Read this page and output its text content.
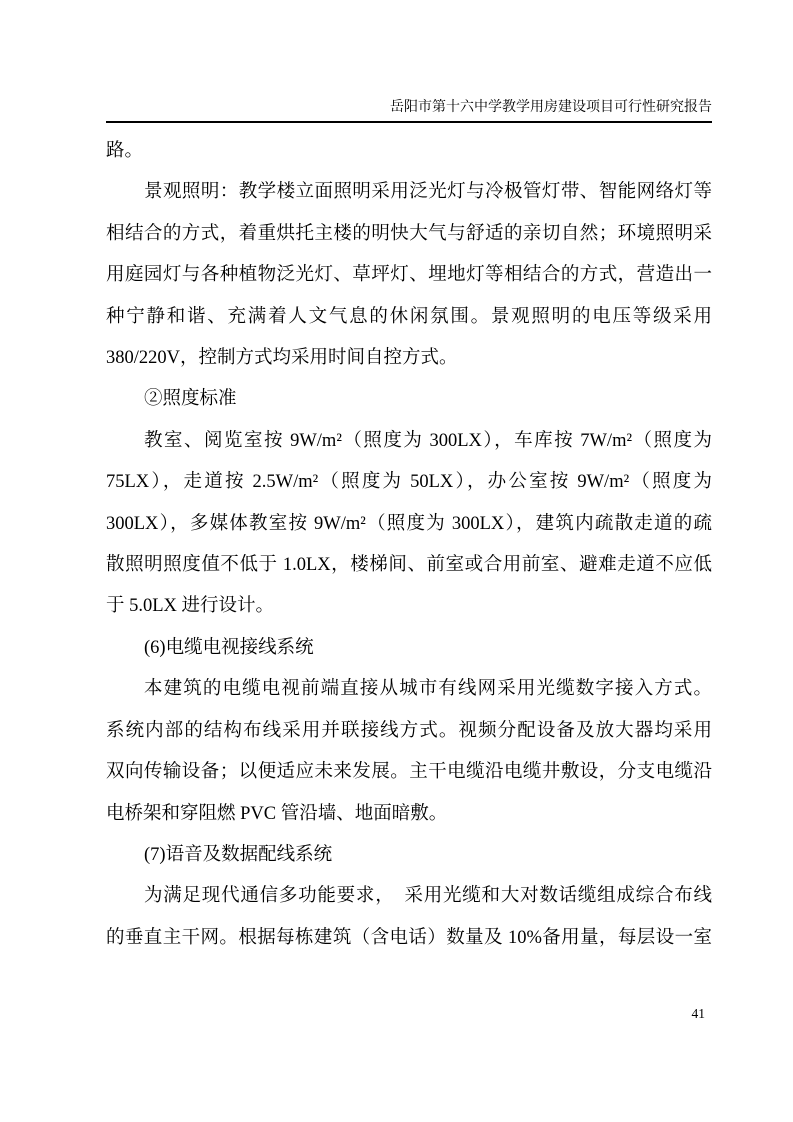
岳阳市第十六中学教学用房建设项目可行性研究报告
路。
景观照明：教学楼立面照明采用泛光灯与冷极管灯带、智能网络灯等
相结合的方式，着重烘托主楼的明快大气与舒适的亲切自然；环境照明采
用庭园灯与各种植物泛光灯、草坪灯、埋地灯等相结合的方式，营造出一
种宁静和谐、充满着人文气息的休闲氛围。景观照明的电压等级采用
380/220V，控制方式均采用时间自控方式。
②照度标准
教室、阅览室按 9W/m²（照度为 300LX），车库按 7W/m²（照度为
75LX），走道按 2.5W/m²（照度为 50LX），办公室按 9W/m²（照度为
300LX），多媒体教室按 9W/m²（照度为 300LX），建筑内疏散走道的疏
散照明照度值不低于 1.0LX，楼梯间、前室或合用前室、避难走道不应低
于 5.0LX 进行设计。
(6)电缆电视接线系统
本建筑的电缆电视前端直接从城市有线网采用光缆数字接入方式。
系统内部的结构布线采用并联接线方式。视频分配设备及放大器均采用
双向传输设备；以便适应未来发展。主干电缆沿电缆井敷设，分支电缆沿
电桥架和穿阻燃 PVC 管沿墙、地面暗敷。
(7)语音及数据配线系统
为满足现代通信多功能要求，　采用光缆和大对数话缆组成综合布线
的垂直主干网。根据每栋建筑（含电话）数量及 10%备用量，每层设一室
41
